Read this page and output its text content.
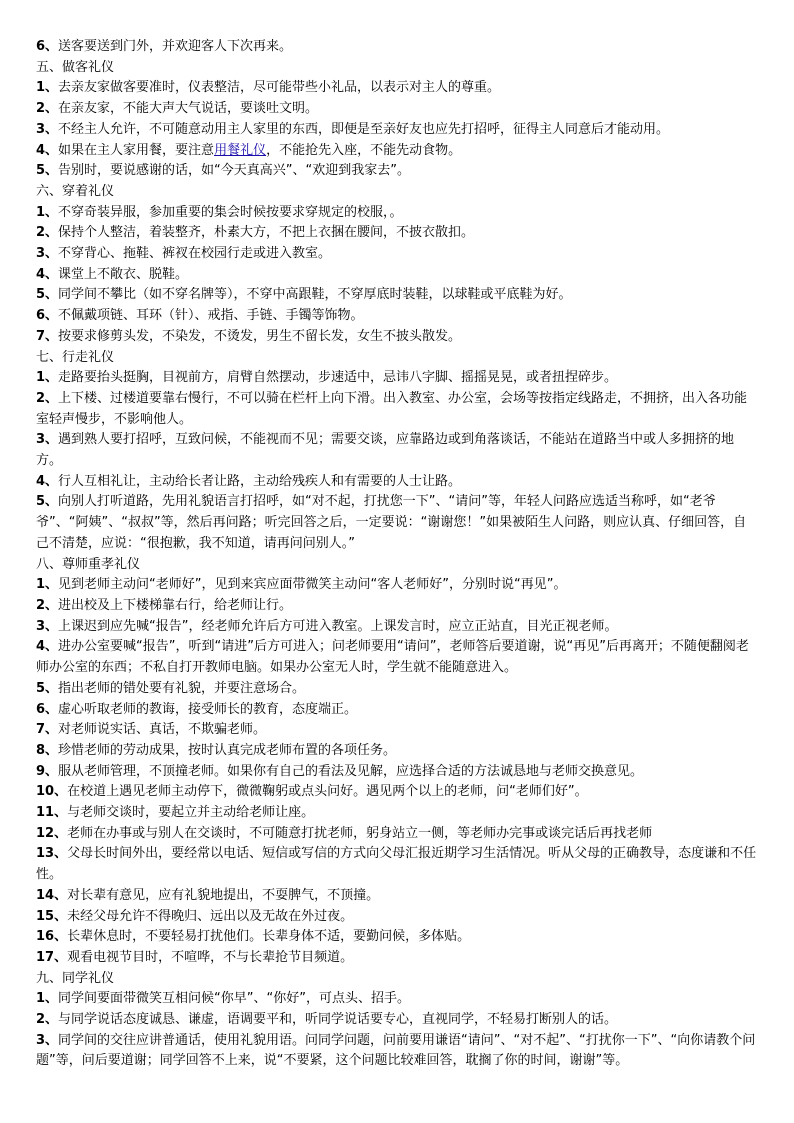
6、送客要送到门外，并欢迎客人下次再来。

五、做客礼仪

1、去亲友家做客要准时，仪表整洁，尽可能带些小礼品，以表示对主人的尊重。

2、在亲友家，不能大声大气说话，要谈吐文明。

3、不经主人允许，不可随意动用主人家里的东西，即便是至亲好友也应先打招呼，征得主人同意后才能动用。

4、如果在主人家用餐，要注意用餐礼仪，不能抢先入座，不能先动食物。

5、告别时，要说感谢的话，如“今天真高兴”、“欢迎到我家去”。

六、穿着礼仪

1、不穿奇装异服，参加重要的集会时候按要求穿规定的校服，。

2、保持个人整洁，着装整齐，朴素大方，不把上衣捆在腰间，不披衣散扣。

3、不穿背心、拖鞋、裤衩在校园行走或进入教室。

4、课堂上不敞衣、脱鞋。

5、同学间不攀比（如不穿名牌等），不穿中高跟鞋，不穿厚底时装鞋，以球鞋或平底鞋为好。

6、不佩戴项链、耳环（针）、戒指、手链、手镯等饰物。

7、按要求修剪头发，不染发，不烫发，男生不留长发，女生不披头散发。

七、行走礼仪

1、走路要抬头挺胸，目视前方，肩臂自然摆动，步速适中，忌讳八字脚、摇摇晃晃，或者扭捏碎步。

2、上下楼、过楼道要靠右慢行，不可以骑在栏杆上向下滑。出入教室、办公室，会场等按指定线路走，不拥挤，出入各功能室轻声慢步，不影响他人。

3、遇到熟人要打招呼，互致问候，不能视而不见；需要交谈，应靠路边或到角落谈话，不能站在道路当中或人多拥挤的地方。

4、行人互相礼让，主动给长者让路，主动给残疾人和有需要的人士让路。

5、向别人打听道路，先用礼貌语言打招呼，如“对不起，打扰您一下”、“请问”等，年轻人问路应选适当称呼，如“老爷爷”、“阿姨”、“叔叔”等，然后再问路；听完回答之后，一定要说：“谢谢您！”如果被陌生人问路，则应认真、仔细回答，自己不清楚，应说：“很抱歉，我不知道，请再问问别人。”

八、尊师重孝礼仪

1、见到老师主动问“老师好”，见到来宾应面带微笑主动问“客人老师好”，分别时说“再见”。

2、进出校及上下楼梯靠右行，给老师让行。

3、上课迟到应先喊“报告”，经老师允许后方可进入教室。上课发言时，应立正站直，目光正视老师。

4、进办公室要喊“报告”，听到“请进”后方可进入；问老师要用“请问”，老师答后要道谢，说“再见”后再离开；不随便翻阅老师办公室的东西；不私自打开教师电脑。如果办公室无人时，学生就不能随意进入。

5、指出老师的错处要有礼貌，并要注意场合。

6、虚心听取老师的教诲，接受师长的教育，态度端正。

7、对老师说实话、真话，不欺骗老师。

8、珍惜老师的劳动成果，按时认真完成老师布置的各项任务。

9、服从老师管理，不顶撞老师。如果你有自己的看法及见解，应选择合适的方法诚恳地与老师交换意见。

10、在校道上遇见老师主动停下，微微鞠躬或点头问好。遇见两个以上的老师，问“老师们好”。

11、与老师交谈时，要起立并主动给老师让座。

12、老师在办事或与别人在交谈时，不可随意打扰老师，躬身站立一侧，等老师办完事或谈完话后再找老师

13、父母长时间外出，要经常以电话、短信或写信的方式向父母汇报近期学习生活情况。听从父母的正确教导，态度谦和不任性。

14、对长辈有意见，应有礼貌地提出，不耍脾气，不顶撞。

15、未经父母允许不得晚归、远出以及无故在外过夜。

16、长辈休息时，不要轻易打扰他们。长辈身体不适，要勤问候，多体贴。

17、观看电视节目时，不喧哗，不与长辈抢节目频道。

九、同学礼仪

1、同学间要面带微笑互相问候“你早”、“你好”，可点头、招手。

2、与同学说话态度诚恳、谦虚，语调要平和，听同学说话要专心，直视同学，不轻易打断别人的话。

3、同学间的交往应讲普通话，使用礼貌用语。问同学问题，问前要用谦语“请问”、“对不起”、“打扰你一下”、“向你请教个问题”等，问后要道谢；同学回答不上来，说“不要紧，这个问题比较难回答，耽搁了你的时间，谢谢”等。
